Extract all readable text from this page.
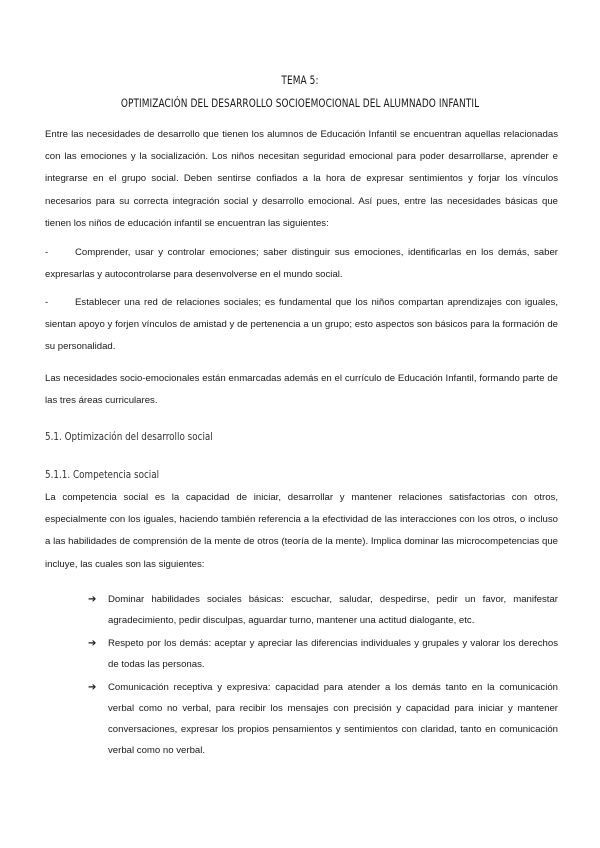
TEMA 5:
OPTIMIZACIÓN DEL DESARROLLO SOCIOEMOCIONAL DEL ALUMNADO INFANTIL

Entre las necesidades de desarrollo que tienen los alumnos de Educación Infantil se encuentran aquellas relacionadas con las emociones y la socialización. Los niños necesitan seguridad emocional para poder desarrollarse, aprender e integrarse en el grupo social. Deben sentirse confiados a la hora de expresar sentimientos y forjar los vínculos necesarios para su correcta integración social y desarrollo emocional. Así pues, entre las necesidades básicas que tienen los niños de educación infantil se encuentran las siguientes:

-	Comprender, usar y controlar emociones; saber distinguir sus emociones, identificarlas en los demás, saber expresarlas y autocontrolarse para desenvolverse en el mundo social.
-	Establecer una red de relaciones sociales; es fundamental que los niños compartan aprendizajes con iguales, sientan apoyo y forjen vínculos de amistad y de pertenencia a un grupo; esto aspectos son básicos para la formación de su personalidad.

Las necesidades socio-emocionales están enmarcadas además en el currículo de Educación Infantil, formando parte de las tres áreas curriculares.

5.1. Optimización del desarrollo social
5.1.1. Competencia social

La competencia social es la capacidad de iniciar, desarrollar y mantener relaciones satisfactorias con otros, especialmente con los iguales, haciendo también referencia a la efectividad de las interacciones con los otros, o incluso a las habilidades de comprensión de la mente de otros (teoría de la mente). Implica dominar las microcompetencias que incluye, las cuales son las siguientes:

➔ Dominar habilidades sociales básicas: escuchar, saludar, despedirse, pedir un favor, manifestar agradecimiento, pedir disculpas, aguardar turno, mantener una actitud dialogante, etc.
➔ Respeto por los demás: aceptar y apreciar las diferencias individuales y grupales y valorar los derechos de todas las personas.
➔ Comunicación receptiva y expresiva: capacidad para atender a los demás tanto en la comunicación verbal como no verbal, para recibir los mensajes con precisión y capacidad para iniciar y mantener conversaciones, expresar los propios pensamientos y sentimientos con claridad, tanto en comunicación verbal como no verbal.
